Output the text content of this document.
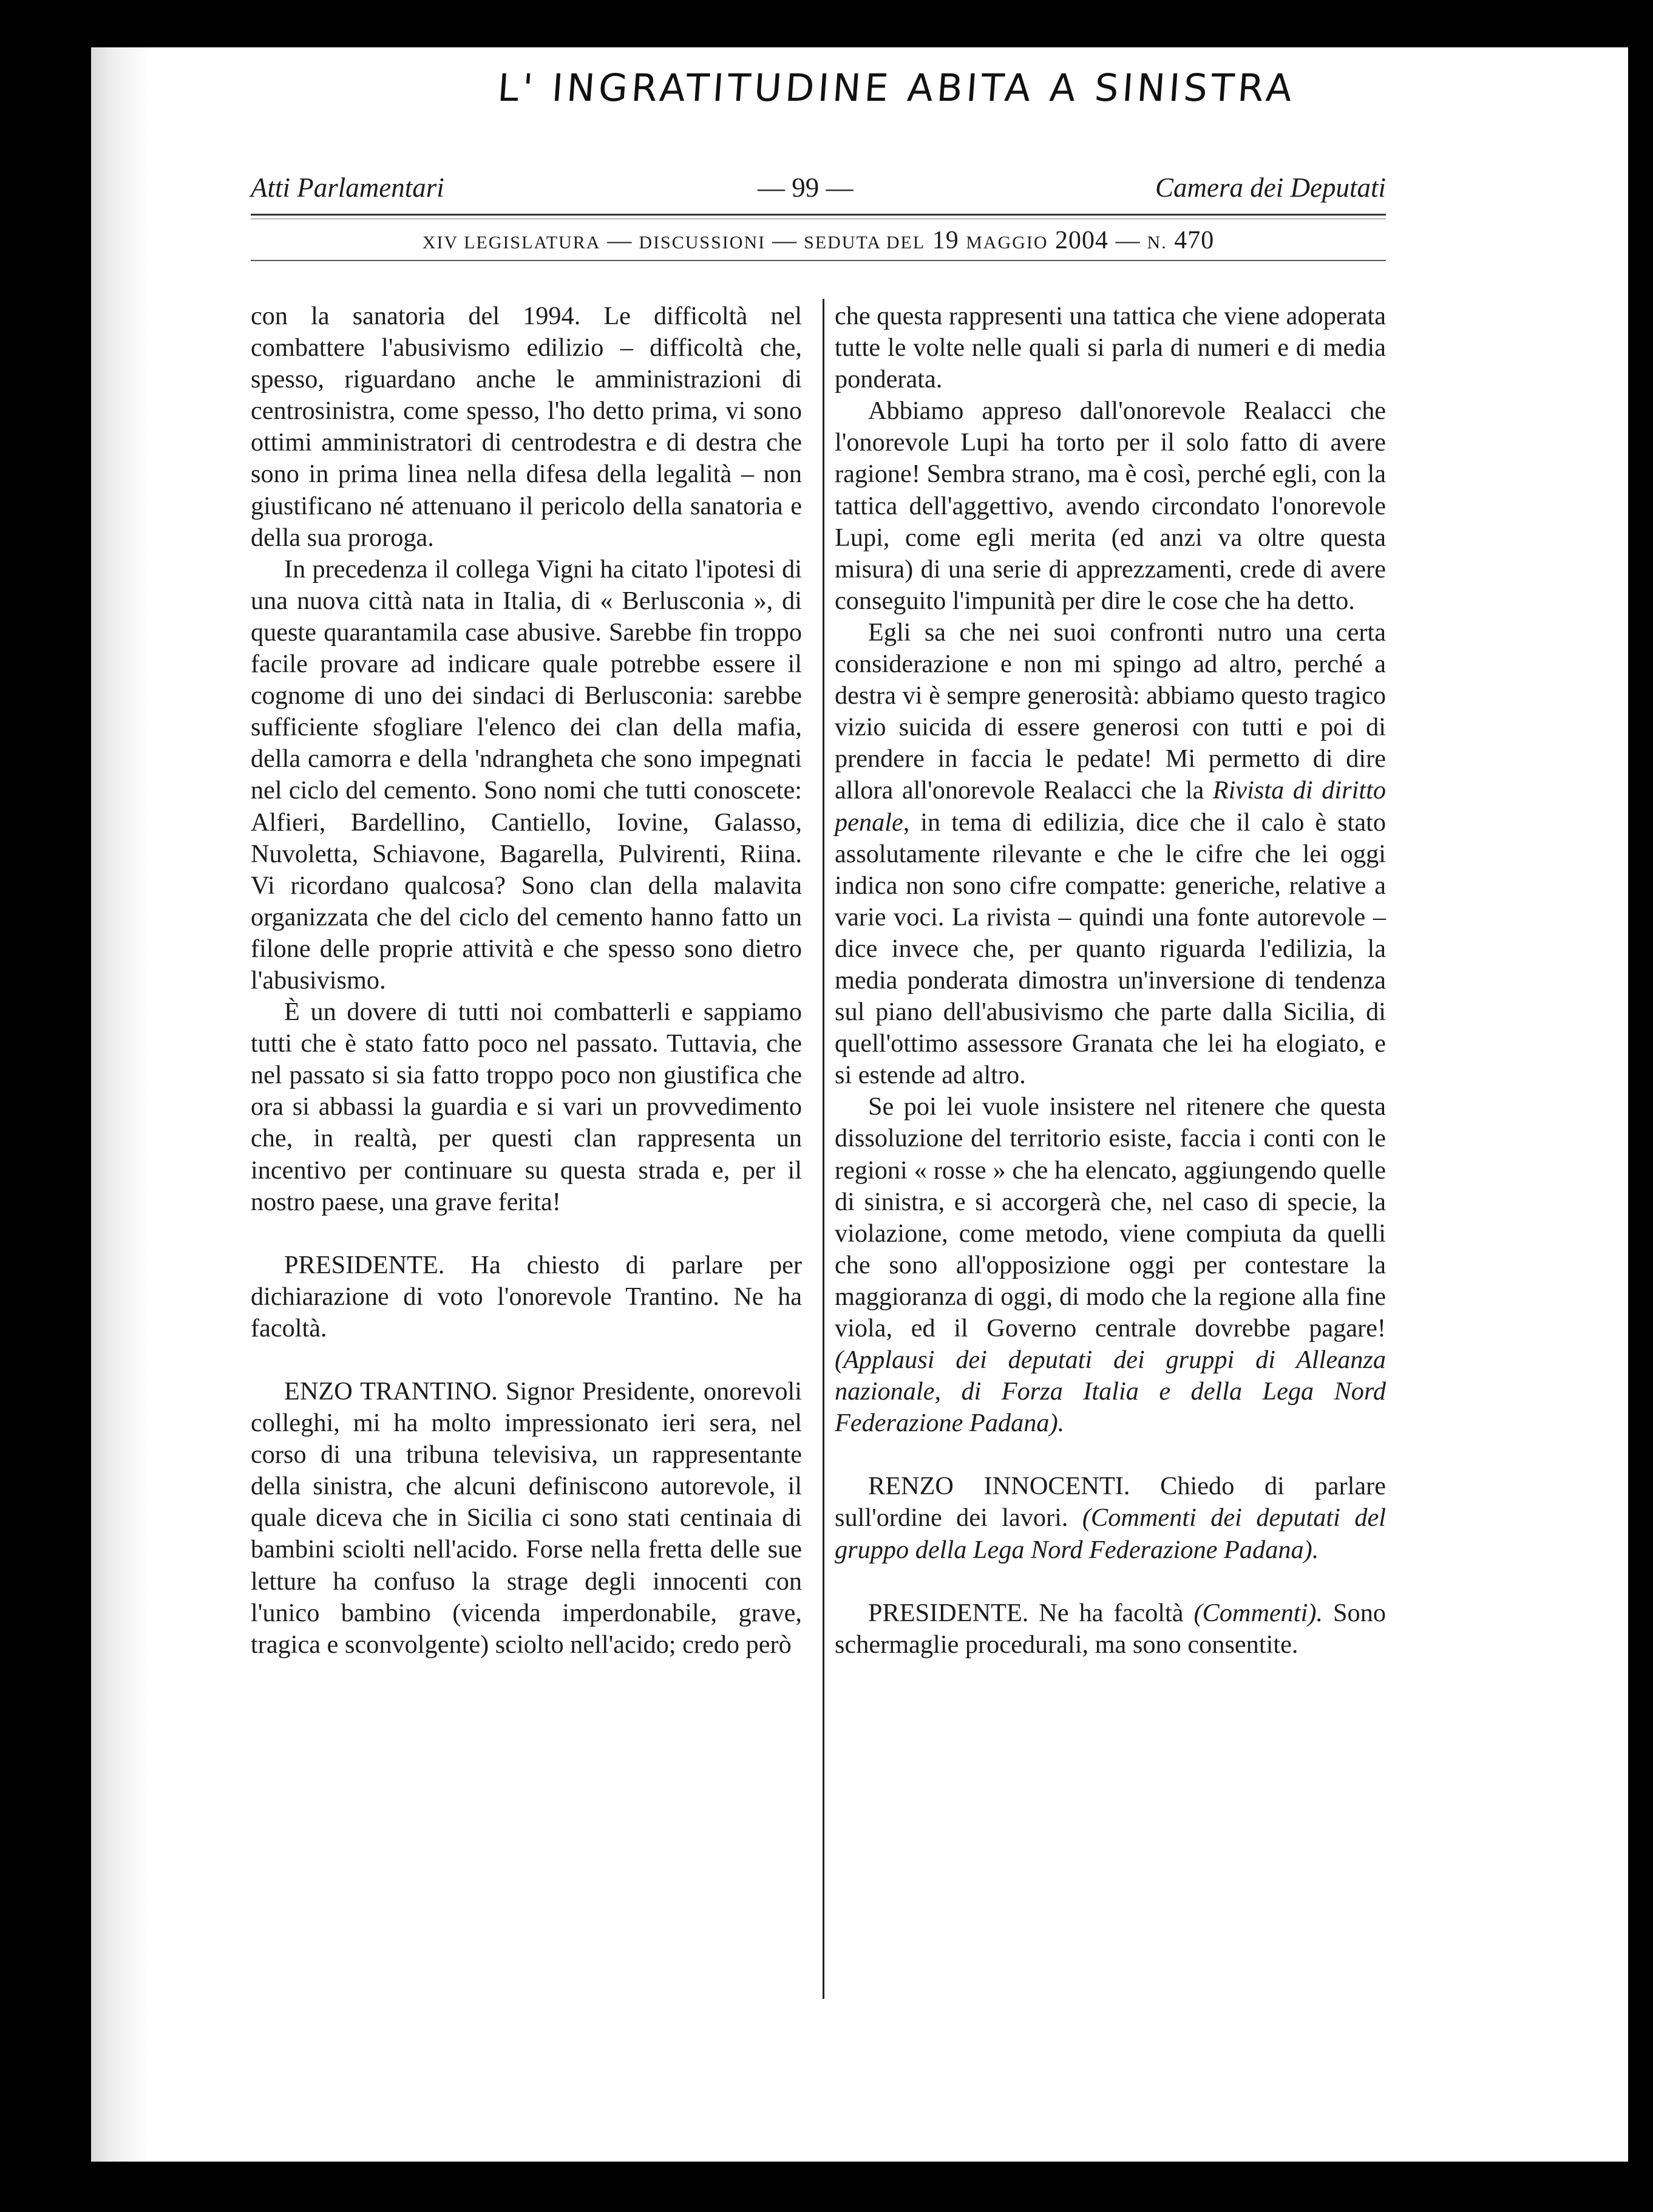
L' INGRATITUDINE ABITA A SINISTRA
Atti Parlamentari	— 99 —	Camera dei Deputati
XIV LEGISLATURA — DISCUSSIONI — SEDUTA DEL 19 MAGGIO 2004 — N. 470

con la sanatoria del 1994. Le difficoltà nel combattere l'abusivismo edilizio – difficoltà che, spesso, riguardano anche le amministrazioni di centrosinistra, come spesso, l'ho detto prima, vi sono ottimi amministratori di centrodestra e di destra che sono in prima linea nella difesa della legalità – non giustificano né attenuano il pericolo della sanatoria e della sua proroga.

In precedenza il collega Vigni ha citato l'ipotesi di una nuova città nata in Italia, di « Berlusconia », di queste quarantamila case abusive. Sarebbe fin troppo facile provare ad indicare quale potrebbe essere il cognome di uno dei sindaci di Berlusconia: sarebbe sufficiente sfogliare l'elenco dei clan della mafia, della camorra e della 'ndrangheta che sono impegnati nel ciclo del cemento. Sono nomi che tutti conoscete: Alfieri, Bardellino, Cantiello, Iovine, Galasso, Nuvoletta, Schiavone, Bagarella, Pulvirenti, Riina. Vi ricordano qualcosa? Sono clan della malavita organizzata che del ciclo del cemento hanno fatto un filone delle proprie attività e che spesso sono dietro l'abusivismo.

È un dovere di tutti noi combatterli e sappiamo tutti che è stato fatto poco nel passato. Tuttavia, che nel passato si sia fatto troppo poco non giustifica che ora si abbassi la guardia e si vari un provvedimento che, in realtà, per questi clan rappresenta un incentivo per continuare su questa strada e, per il nostro paese, una grave ferita!

PRESIDENTE. Ha chiesto di parlare per dichiarazione di voto l'onorevole Trantino. Ne ha facoltà.

ENZO TRANTINO. Signor Presidente, onorevoli colleghi, mi ha molto impressionato ieri sera, nel corso di una tribuna televisiva, un rappresentante della sinistra, che alcuni definiscono autorevole, il quale diceva che in Sicilia ci sono stati centinaia di bambini sciolti nell'acido. Forse nella fretta delle sue letture ha confuso la strage degli innocenti con l'unico bambino (vicenda imperdonabile, grave, tragica e sconvolgente) sciolto nell'acido; credo però

che questa rappresenti una tattica che viene adoperata tutte le volte nelle quali si parla di numeri e di media ponderata.

Abbiamo appreso dall'onorevole Realacci che l'onorevole Lupi ha torto per il solo fatto di avere ragione! Sembra strano, ma è così, perché egli, con la tattica dell'aggettivo, avendo circondato l'onorevole Lupi, come egli merita (ed anzi va oltre questa misura) di una serie di apprezzamenti, crede di avere conseguito l'impunità per dire le cose che ha detto.

Egli sa che nei suoi confronti nutro una certa considerazione e non mi spingo ad altro, perché a destra vi è sempre generosità: abbiamo questo tragico vizio suicida di essere generosi con tutti e poi di prendere in faccia le pedate! Mi permetto di dire allora all'onorevole Realacci che la Rivista di diritto penale, in tema di edilizia, dice che il calo è stato assolutamente rilevante e che le cifre che lei oggi indica non sono cifre compatte: generiche, relative a varie voci. La rivista – quindi una fonte autorevole – dice invece che, per quanto riguarda l'edilizia, la media ponderata dimostra un'inversione di tendenza sul piano dell'abusivismo che parte dalla Sicilia, di quell'ottimo assessore Granata che lei ha elogiato, e si estende ad altro.

Se poi lei vuole insistere nel ritenere che questa dissoluzione del territorio esiste, faccia i conti con le regioni « rosse » che ha elencato, aggiungendo quelle di sinistra, e si accorgerà che, nel caso di specie, la violazione, come metodo, viene compiuta da quelli che sono all'opposizione oggi per contestare la maggioranza di oggi, di modo che la regione alla fine viola, ed il Governo centrale dovrebbe pagare! (Applausi dei deputati dei gruppi di Alleanza nazionale, di Forza Italia e della Lega Nord Federazione Padana).

RENZO INNOCENTI. Chiedo di parlare sull'ordine dei lavori. (Commenti dei deputati del gruppo della Lega Nord Federazione Padana).

PRESIDENTE. Ne ha facoltà (Commenti). Sono schermaglie procedurali, ma sono consentite.
